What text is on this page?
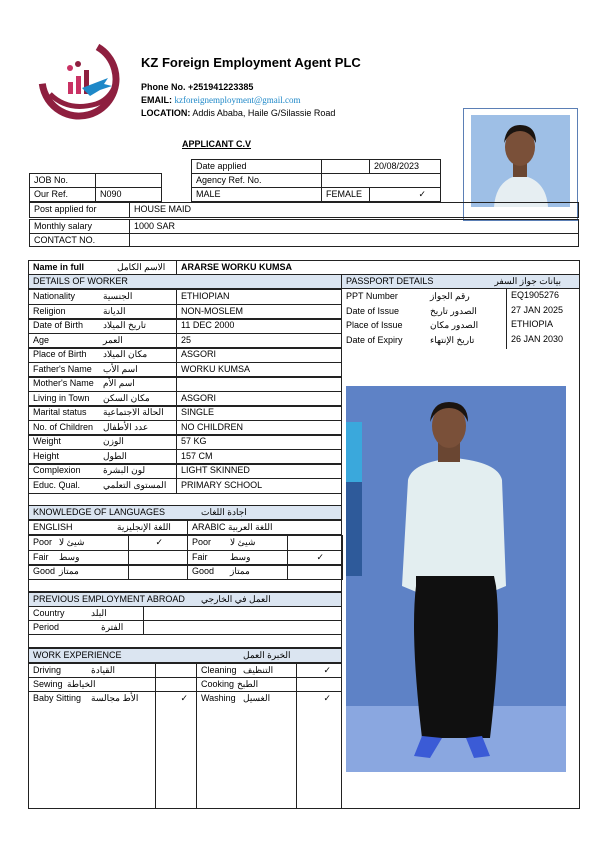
KZ Foreign Employment Agent PLC
Phone No. +251941223385
EMAIL: kzforeignemployment@gmail.com
LOCATION: Addis Ababa, Haile G/Silassie Road
APPLICANT C.V
Date applied	20/08/2023
JOB No.	Agency Ref. No.
Our Ref.	N090	MALE	FEMALE	✓
Post applied for	HOUSE MAID
Monthly salary	1000 SAR
CONTACT NO.
Name in full	الاسم الكامل	ARARSE WORKU KUMSA
DETAILS OF WORKER	PASSPORT DETAILS	بيانات جواز السفر
Nationality	الجنسية	ETHIOPIAN
Religion	الديانة	NON-MOSLEM
Date of Birth تاريخ الميلاد	11 DEC 2000
Age	العمر	25
Place of Birth مكان الميلاد	ASGORI
Father's Name اسم الأب	WORKU KUMSA
Mother's Name اسم الأم
Living in Town مكان السكن	ASGORI
Marital status الحالة الاجتماعية	SINGLE
No. of Children عدد الأطفال	NO CHILDREN
Weight	الوزن	57 KG
Height	الطول	157 CM
Complexion لون البشرة	LIGHT SKINNED
Educ. Qual.	المستوى التعلمي	PRIMARY SCHOOL
PPT Number	رقم الجواز	EQ1905276
Date of Issue	الصدور تاريخ	27 JAN 2025
Place of Issue	الصدور مكان	ETHIOPIA
Date of Expiry	تاريخ الإنتهاء	26 JAN 2030
KNOWLEDGE OF LANGUAGES	اجادة اللغات
ENGLISH	اللغة الإنجليزية	ARABIC اللغة العربية
Poor شيئ لا	✓	Poor شيئ لا
Fair وسط	Fair	وسط	✓
Good ممتاز	Good ممتاز
PREVIOUS EMPLOYMENT ABROAD العمل في الخارجي
Country	البلد
Period	الفترة
WORK EXPERIENCE	الخبرة العمل
Driving	القيادة	Cleaning التنظيف	✓
Sewing الخياطة	Cooking الطبخ
Baby Sitting الأط مجالسة	✓	Washing الغسيل	✓
